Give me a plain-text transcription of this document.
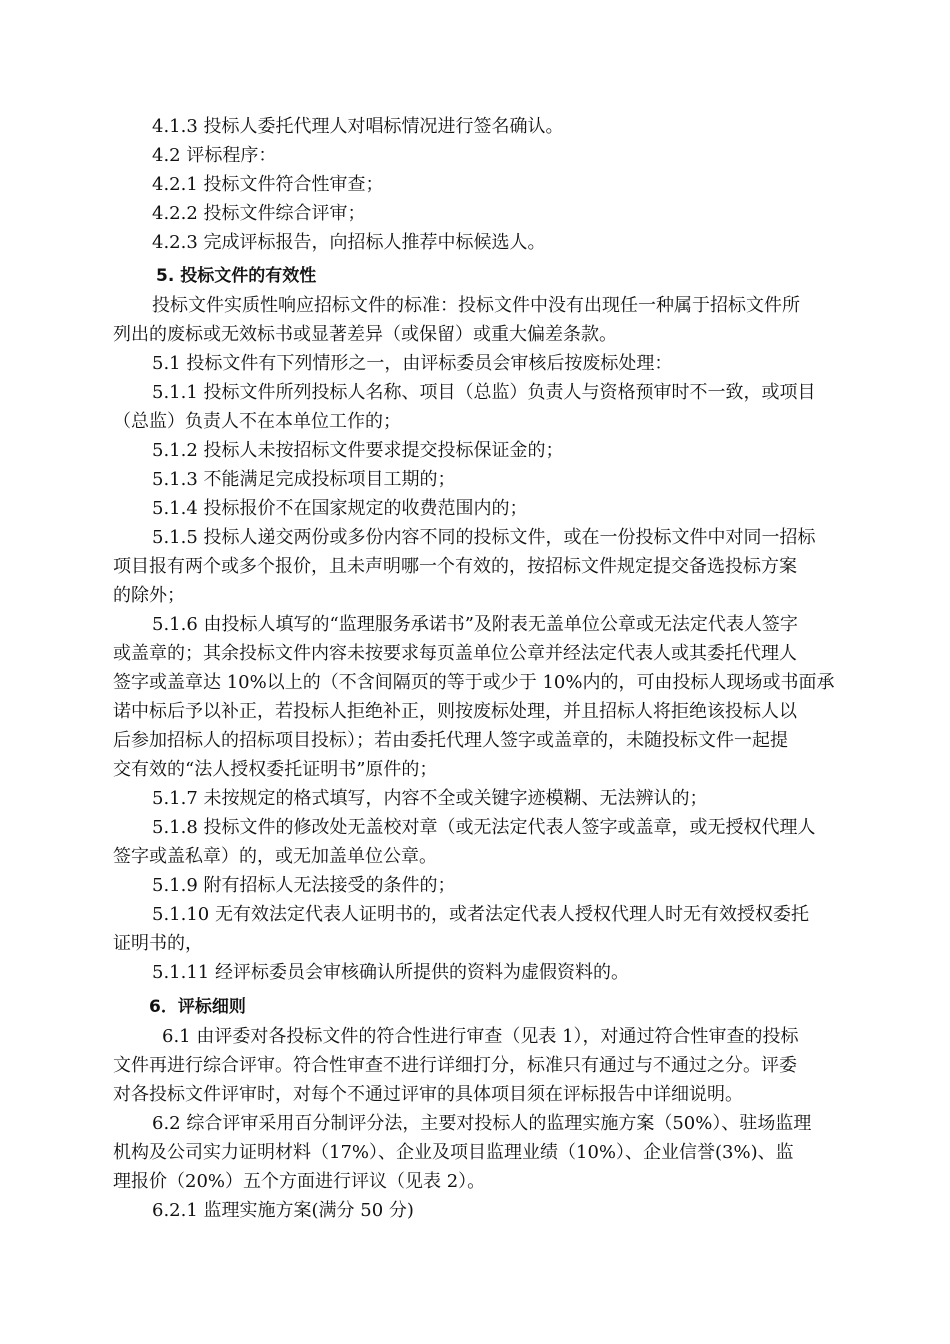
4.1.3 投标人委托代理人对唱标情况进行签名确认。
4.2 评标程序：
4.2.1 投标文件符合性审查；
4.2.2 投标文件综合评审；
4.2.3 完成评标报告，向招标人推荐中标候选人。
5. 投标文件的有效性
投标文件实质性响应招标文件的标准：投标文件中没有出现任一种属于招标文件所
列出的废标或无效标书或显著差异（或保留）或重大偏差条款。
5.1 投标文件有下列情形之一，由评标委员会审核后按废标处理：
5.1.1 投标文件所列投标人名称、项目（总监）负责人与资格预审时不一致，或项目
（总监）负责人不在本单位工作的；
5.1.2 投标人未按招标文件要求提交投标保证金的；
5.1.3 不能满足完成投标项目工期的；
5.1.4 投标报价不在国家规定的收费范围内的；
5.1.5 投标人递交两份或多份内容不同的投标文件，或在一份投标文件中对同一招标
项目报有两个或多个报价，且未声明哪一个有效的，按招标文件规定提交备选投标方案
的除外；
5.1.6 由投标人填写的“监理服务承诺书”及附表无盖单位公章或无法定代表人签字
或盖章的；其余投标文件内容未按要求每页盖单位公章并经法定代表人或其委托代理人
签字或盖章达 10%以上的（不含间隔页的等于或少于 10%内的，可由投标人现场或书面承
诺中标后予以补正，若投标人拒绝补正，则按废标处理，并且招标人将拒绝该投标人以
后参加招标人的招标项目投标）；若由委托代理人签字或盖章的，未随投标文件一起提
交有效的“法人授权委托证明书”原件的；
5.1.7 未按规定的格式填写，内容不全或关键字迹模糊、无法辨认的；
5.1.8 投标文件的修改处无盖校对章（或无法定代表人签字或盖章，或无授权代理人
签字或盖私章）的，或无加盖单位公章。
5.1.9 附有招标人无法接受的条件的；
5.1.10 无有效法定代表人证明书的，或者法定代表人授权代理人时无有效授权委托
证明书的，
5.1.11 经评标委员会审核确认所提供的资料为虚假资料的。
6．评标细则
6.1 由评委对各投标文件的符合性进行审查（见表 1），对通过符合性审查的投标
文件再进行综合评审。符合性审查不进行详细打分，标准只有通过与不通过之分。评委
对各投标文件评审时，对每个不通过评审的具体项目须在评标报告中详细说明。
6.2 综合评审采用百分制评分法，主要对投标人的监理实施方案（50%）、驻场监理
机构及公司实力证明材料（17%）、企业及项目监理业绩（10%）、企业信誉(3%)、监
理报价（20%）五个方面进行评议（见表 2）。
6.2.1 监理实施方案(满分 50 分)
